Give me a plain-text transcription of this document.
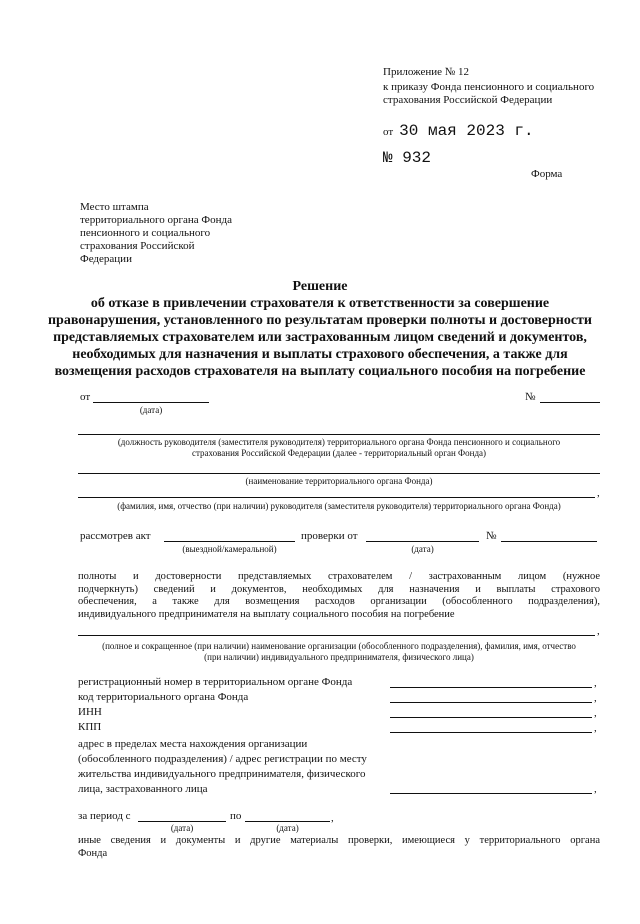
Приложение № 12
к приказу Фонда пенсионного и социального
страхования Российской Федерации
от 30 мая 2023 г.
№ 932
Форма
Место штампа
территориального органа Фонда
пенсионного и социального
страхования Российской
Федерации
Решение
об отказе в привлечении страхователя к ответственности за совершение
правонарушения, установленного по результатам проверки полноты и достоверности
представляемых страхователем или застрахованным лицом сведений и документов,
необходимых для назначения и выплаты страхового обеспечения, а также для
возмещения расходов страхователя на выплату социального пособия на погребение
от
(дата)
№
(должность руководителя (заместителя руководителя) территориального органа Фонда пенсионного и социального
страхования Российской Федерации (далее - территориальный орган Фонда)
(наименование территориального органа Фонда)
,
(фамилия, имя, отчество (при наличии) руководителя (заместителя руководителя) территориального органа Фонда)
рассмотрев акт
(выездной/камеральной)
проверки от
(дата)
№
полноты и достоверности представляемых страхователем / застрахованным лицом (нужное
подчеркнуть) сведений и документов, необходимых для назначения и выплаты страхового
обеспечения, а также для возмещения расходов организации (обособленного подразделения),
индивидуального предпринимателя на выплату социального пособия на погребение
,
(полное и сокращенное (при наличии) наименование организации (обособленного подразделения), фамилия, имя, отчество
(при наличии) индивидуального предпринимателя, физического лица)
регистрационный номер в территориальном органе Фонда	,
код территориального органа Фонда	,
ИНН	,
КПП	,
адрес в пределах места нахождения организации
(обособленного подразделения) / адрес регистрации по месту
жительства индивидуального предпринимателя, физического
лица, застрахованного лица	,
за период с
(дата)
по	,
(дата)
иные сведения и документы и другие материалы проверки, имеющиеся у территориального органа
Фонда
